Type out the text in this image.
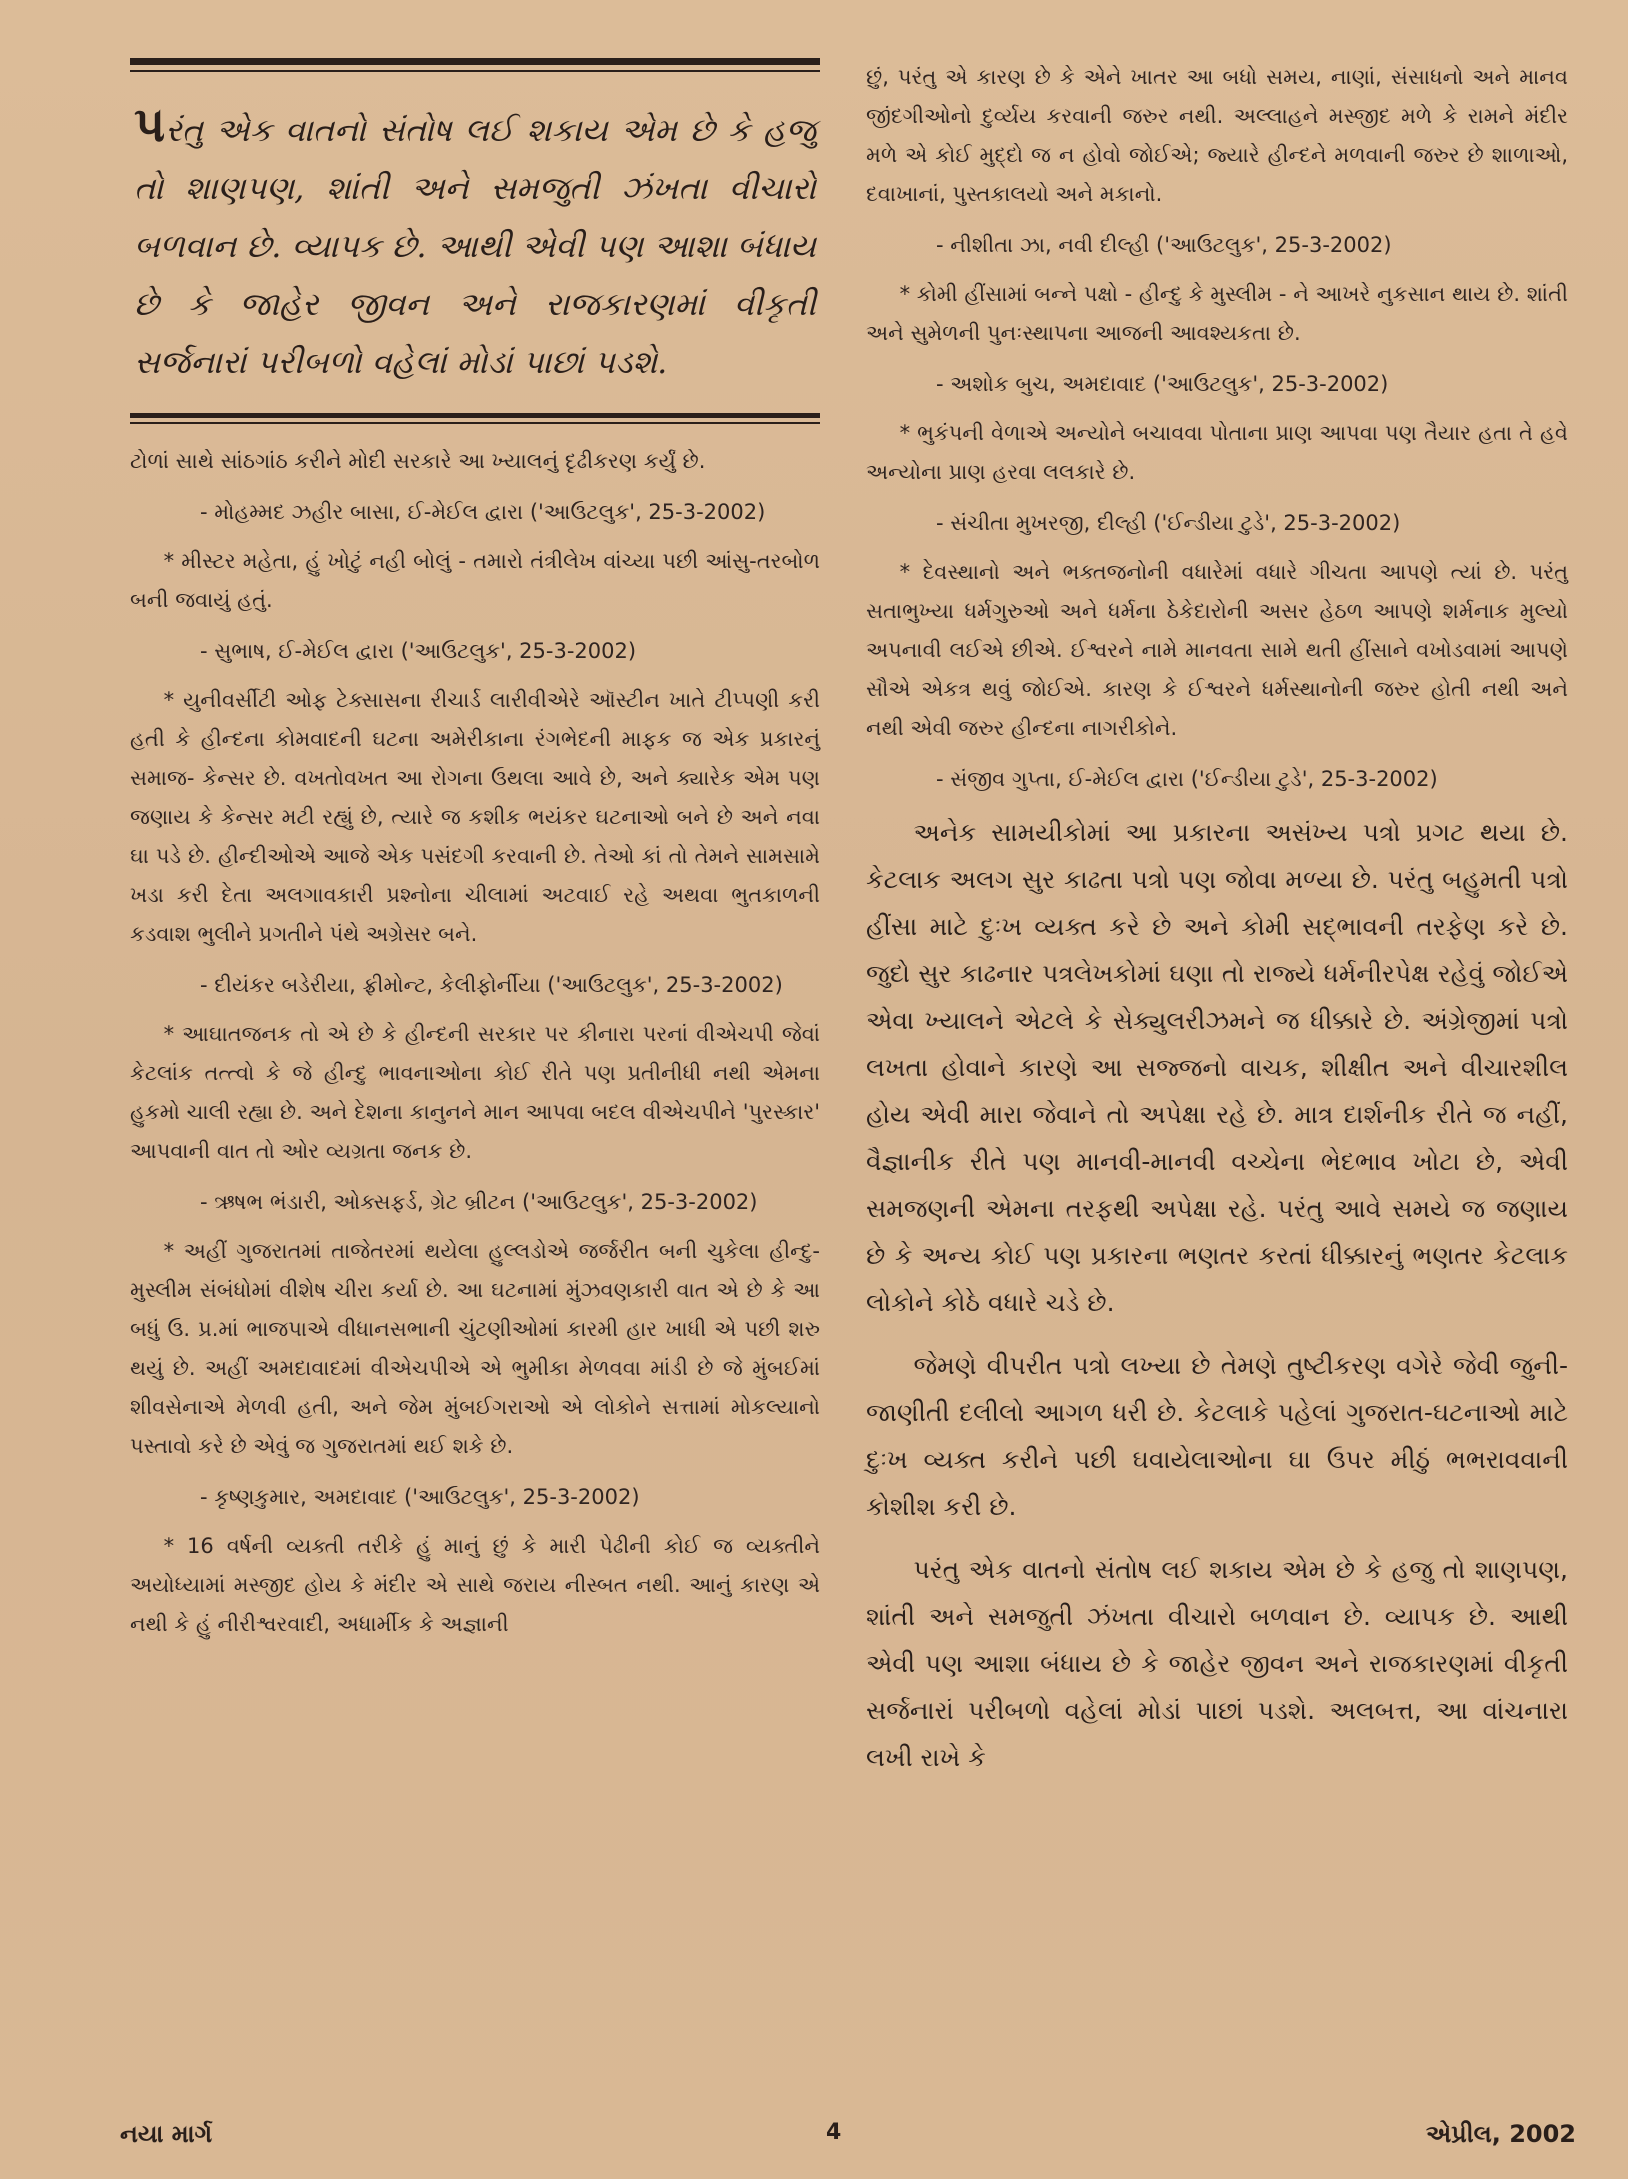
પરંતુ એક વાતનો સંતોષ લઈ શકાય એમ છે કે હજુ તો શાણપણ, શાંતી અને સમજુતી ઝંખતા વીચારો બળવાન છે. વ્યાપક છે. આથી એવી પણ આશા બંધાય છે કે જાહેર જીવન અને રાજકારણમાં વીકૃતી સર્જનારાં પરીબળો વહેલાં મોડાં પાછાં પડશે.

ટોળાં સાથે સાંઠગાંઠ કરીને મોદી સરકારે આ ખ્યાલનું દૃઢીકરણ કર્યું છે.

- મોહમ્મદ ઝહીર બાસા, ઈ-મેઈલ દ્વારા ('આઉટલુક', 25-3-2002)

* મીસ્ટર મહેતા, હું ખોટું નહી બોલું - તમારો તંત્રીલેખ વાંચ્યા પછી આંસુ-તરબોળ બની જવાયું હતું.

- સુભાષ, ઈ-મેઈલ દ્વારા ('આઉટલુક', 25-3-2002)

* યુનીવર્સીટી ઓફ ટેક્સાસના રીચાર્ડ લારીવીએરે ઑસ્ટીન ખાતે ટીપ્પણી કરી હતી કે હીન્દના કોમવાદની ઘટના અમેરીકાના રંગભેદની માફક જ એક પ્રકારનું સમાજ- કેન્સર છે. વખતોવખત આ રોગના ઉથલા આવે છે, અને ક્યારેક એમ પણ જણાય કે કેન્સર મટી રહ્યું છે, ત્યારે જ કશીક ભયંકર ઘટનાઓ બને છે અને નવા ઘા પડે છે. હીન્દીઓએ આજે એક પસંદગી કરવાની છે. તેઓ કાં તો તેમને સામસામે ખડા કરી દેતા અલગાવકારી પ્રશ્નોના ચીલામાં અટવાઈ રહે અથવા ભુતકાળની કડવાશ ભુલીને પ્રગતીને પંથે અગ્રેસર બને.

- દીયંકર બડેરીયા, ફ્રીમોન્ટ, કેલીફોર્નીયા ('આઉટલુક', 25-3-2002)

* આઘાતજનક તો એ છે કે હીન્દની સરકાર પર કીનારા પરનાં વીએચપી જેવાં કેટલાંક તત્ત્વો કે જે હીન્દુ ભાવનાઓના કોઈ રીતે પણ પ્રતીનીધી નથી એમના હુકમો ચાલી રહ્યા છે. અને દેશના કાનુનને માન આપવા બદલ વીએચપીને 'પુરસ્કાર' આપવાની વાત તો ઓર વ્યગ્રતા જનક છે.

- ઋષભ ભંડારી, ઓક્સફર્ડ, ગ્રેટ બ્રીટન ('આઉટલુક', 25-3-2002)

* અહીં ગુજરાતમાં તાજેતરમાં થયેલા હુલ્લડોએ જર્જરીત બની ચુકેલા હીન્દુ-મુસ્લીમ સંબંધોમાં વીશેષ ચીરા કર્યા છે. આ ઘટનામાં મુંઝવણકારી વાત એ છે કે આ બધું ઉ. પ્ર.માં ભાજપાએ વીધાનસભાની ચુંટણીઓમાં કારમી હાર ખાધી એ પછી શરુ થયું છે. અહીં અમદાવાદમાં વીએચપીએ એ ભુમીકા મેળવવા માંડી છે જે મુંબઈમાં શીવસેનાએ મેળવી હતી, અને જેમ મુંબઈગરાઓ એ લોકોને સત્તામાં મોકલ્યાનો પસ્તાવો કરે છે એવું જ ગુજરાતમાં થઈ શકે છે.

- કૃષ્ણકુમાર, અમદાવાદ ('આઉટલુક', 25-3-2002)

* 16 વર્ષની વ્યક્તી તરીકે હું માનું છું કે મારી પેઢીની કોઈ જ વ્યક્તીને અયોધ્યામાં મસ્જીદ હોય કે મંદીર એ સાથે જરાય નીસ્બત નથી. આનું કારણ એ નથી કે હું નીરીશ્વરવાદી, અધાર્મીક કે અજ્ઞાની

છું, પરંતુ એ કારણ છે કે એને ખાતર આ બધો સમય, નાણાં, સંસાધનો અને માનવ જીંદગીઓનો દુર્વ્યય કરવાની જરુર નથી. અલ્લાહને મસ્જીદ મળે કે રામને મંદીર મળે એ કોઈ મુદ્દો જ ન હોવો જોઈએ; જ્યારે હીન્દને મળવાની જરુર છે શાળાઓ, દવાખાનાં, પુસ્તકાલયો અને મકાનો.

- નીશીતા ઝા, નવી દીલ્હી ('આઉટલુક', 25-3-2002)

* કોમી હીંસામાં બન્ને પક્ષો - હીન્દુ કે મુસ્લીમ - ને આખરે નુકસાન થાય છે. શાંતી અને સુમેળની પુનઃસ્થાપના આજની આવશ્યકતા છે.

- અશોક બુચ, અમદાવાદ ('આઉટલુક', 25-3-2002)

* ભુકંપની વેળાએ અન્યોને બચાવવા પોતાના પ્રાણ આપવા પણ તૈયાર હતા તે હવે અન્યોના પ્રાણ હરવા લલકારે છે.

- સંચીતા મુખરજી, દીલ્હી ('ઈન્ડીયા ટુડે', 25-3-2002)

* દેવસ્થાનો અને ભક્તજનોની વધારેમાં વધારે ગીચતા આપણે ત્યાં છે. પરંતુ સતાભુખ્યા ધર્મગુરુઓ અને ધર્મના ઠેકેદારોની અસર હેઠળ આપણે શર્મનાક મુલ્યો અપનાવી લઈએ છીએ. ઈશ્વરને નામે માનવતા સામે થતી હીંસાને વખોડવામાં આપણે સૌએ એકત્ર થવું જોઈએ. કારણ કે ઈશ્વરને ધર્મસ્થાનોની જરુર હોતી નથી અને નથી એવી જરુર હીન્દના નાગરીકોને.

- સંજીવ ગુપ્તા, ઈ-મેઈલ દ્વારા ('ઈન્ડીયા ટુડે', 25-3-2002)

અનેક સામયીકોમાં આ પ્રકારના અસંખ્ય પત્રો પ્રગટ થયા છે. કેટલાક અલગ સુર કાઢતા પત્રો પણ જોવા મળ્યા છે. પરંતુ બહુમતી પત્રો હીંસા માટે દુઃખ વ્યક્ત કરે છે અને કોમી સદ્‌ભાવની તરફેણ કરે છે. જુદો સુર કાઢનાર પત્રલેખકોમાં ઘણા તો રાજ્યે ધર્મનીરપેક્ષ રહેવું જોઈએ એવા ખ્યાલને એટલે કે સેક્યુલરીઝમને જ ધીક્કારે છે. અંગ્રેજીમાં પત્રો લખતા હોવાને કારણે આ સજ્જનો વાચક, શીક્ષીત અને વીચારશીલ હોય એવી મારા જેવાને તો અપેક્ષા રહે છે. માત્ર દાર્શનીક રીતે જ નહીં, વૈજ્ઞાનીક રીતે પણ માનવી-માનવી વચ્ચેના ભેદભાવ ખોટા છે, એવી સમજણની એમના તરફથી અપેક્ષા રહે. પરંતુ આવે સમયે જ જણાય છે કે અન્ય કોઈ પણ પ્રકારના ભણતર કરતાં ધીક્કારનું ભણતર કેટલાક લોકોને કોઠે વધારે ચડે છે.

જેમણે વીપરીત પત્રો લખ્યા છે તેમણે તુષ્ટીકરણ વગેરે જેવી જુની-જાણીતી દલીલો આગળ ધરી છે. કેટલાકે પહેલાં ગુજરાત-ઘટનાઓ માટે દુઃખ વ્યક્ત કરીને પછી ઘવાયેલાઓના ઘા ઉપર મીઠું ભભરાવવાની કોશીશ કરી છે.

પરંતુ એક વાતનો સંતોષ લઈ શકાય એમ છે કે હજુ તો શાણપણ, શાંતી અને સમજુતી ઝંખતા વીચારો બળવાન છે. વ્યાપક છે. આથી એવી પણ આશા બંધાય છે કે જાહેર જીવન અને રાજકારણમાં વીકૃતી સર્જનારાં પરીબળો વહેલાં મોડાં પાછાં પડશે. અલબત્ત, આ વાંચનારા લખી રાખે કે

નયા માર્ગ	4	એપ્રીલ, 2002
